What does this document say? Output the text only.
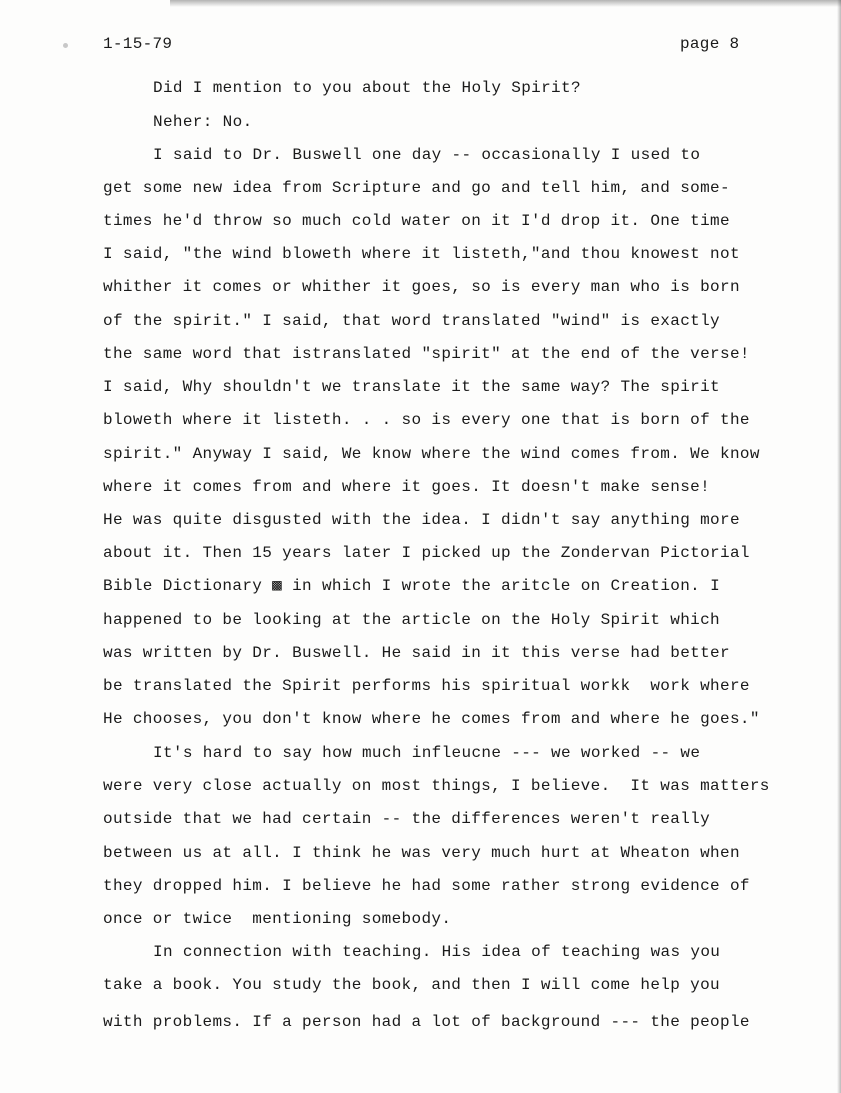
1-15-79	page 8
Did I mention to you about the Holy Spirit?
Neher: No.
I said to Dr. Buswell one day -- occasionally I used to
get some new idea from Scripture and go and tell him, and some-
times he'd throw so much cold water on it I'd drop it. One time
I said, "the wind bloweth where it listeth,"and thou knowest not
whither it comes or whither it goes, so is every man who is born
of the spirit." I said, that word translated "wind" is exactly
the same word that istranslated "spirit" at the end of the verse!
I said, Why shouldn't we translate it the same way? The spirit
bloweth where it listeth. . . so is every one that is born of the
spirit." Anyway I said, We know where the wind comes from. We know
where it comes from and where it goes. It doesn't make sense!
He was quite disgusted with the idea. I didn't say anything more
about it. Then 15 years later I picked up the Zondervan Pictorial
Bible Dictionary ▩ in which I wrote the aritcle on Creation. I
happened to be looking at the article on the Holy Spirit which
was written by Dr. Buswell. He said in it this verse had better
be translated the Spirit performs his spiritual workk  work where
He chooses, you don't know where he comes from and where he goes."
It's hard to say how much infleucne --- we worked -- we
were very close actually on most things, I believe.  It was matters
outside that we had certain -- the differences weren't really
between us at all. I think he was very much hurt at Wheaton when
they dropped him. I believe he had some rather strong evidence of
once or twice  mentioning somebody.
In connection with teaching. His idea of teaching was you
take a book. You study the book, and then I will come help you
with problems. If a person had a lot of background --- the people
